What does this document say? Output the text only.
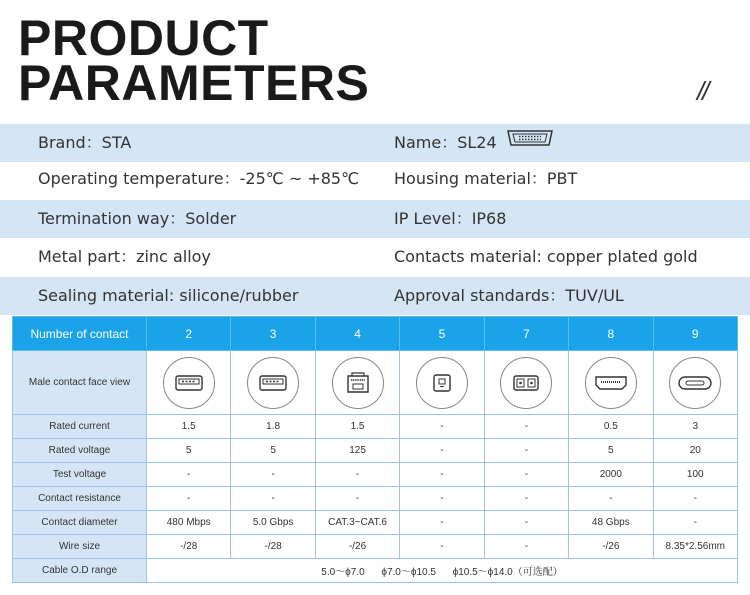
PRODUCT
PARAMETERS	//
Brand：STA	Name：SL24
Operating temperature：-25℃ ~ +85℃ Housing material：PBT
Termination way：Solder	IP Level：IP68
Metal part：zinc alloy	Contacts material: copper plated gold
Sealing material: silicone/rubber	Approval standards：TUV/UL
Number of contact	2	3	4	5	7	8	9
Male contact face view	

Rated current	1.5	1.8	1.5	-	-	0.5	3
Rated voltage	5	5	125	-	-	5	20
Test voltage	-	-	-	-	-	2000	100
Contact resistance	-	-	-	-	-	-	-
Contact diameter	480 Mbps	5.0 Gbps	CAT.3~CAT.6	-	-	48 Gbps	-
Wire size	-/28	-/28	-/26	-	-	-/26	8.35*2.56mm
Cable O.D range	5.0～ϕ7.0      ϕ7.0～ϕ10.5      ϕ10.5～ϕ14.0（可选配）						
